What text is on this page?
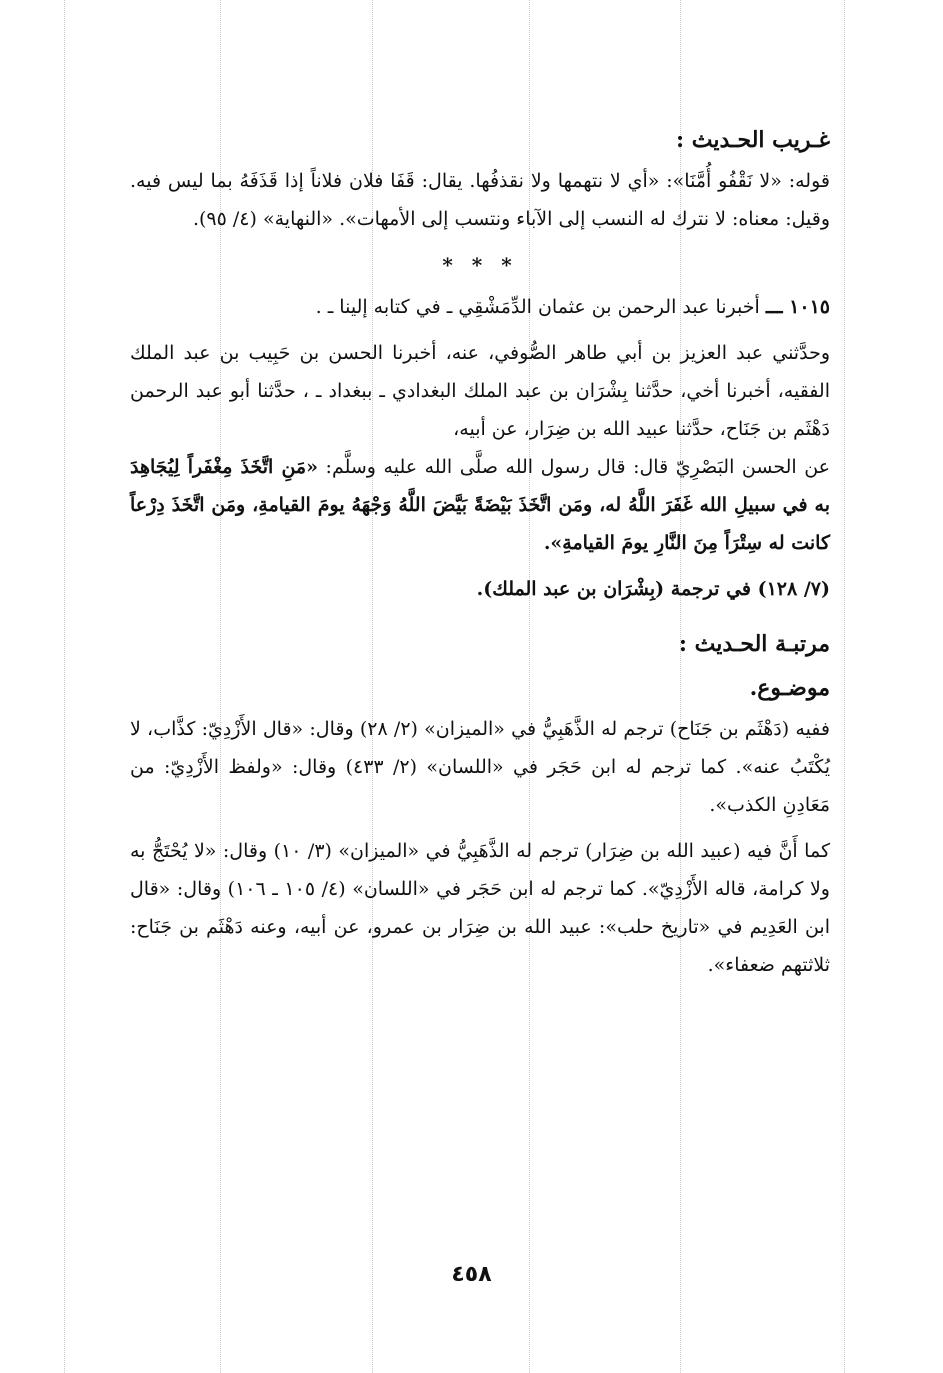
غـريب الحـديث :

قوله: «لا نَقْفُو أُمَّنَا»: «أي لا نتهمها ولا نقذفُها. يقال: قَفَا فلان فلاناً إذا قَذَفَهُ بما ليس فيه. وقيل: معناه: لا نترك له النسب إلى الآباء ونتسب إلى الأمهات». «النهاية» (٤/ ٩٥).

* * *

١٠١٥ ـــ أخبرنا عبد الرحمن بن عثمان الدِّمَشْقِي ـ في كتابه إلينا ـ .

وحدَّثني عبد العزيز بن أبي طاهر الصُّوفي، عنه، أخبرنا الحسن بن حَبِيب بن عبد الملك الفقيه، أخبرنا أخي، حدَّثنا بِشْرَان بن عبد الملك البغدادي ـ ببغداد ـ ، حدَّثنا أبو عبد الرحمن دَهْثَم بن جَنَاح، حدَّثنا عبيد الله بن ضِرَار، عن أبيه،

عن الحسن البَصْرِيّ قال: قال رسول الله صلَّى الله عليه وسلَّم: «مَنِ اتَّخَذَ مِغْفَراً لِيُجَاهِدَ به في سبيلِ الله غَفَرَ اللَّهُ له، ومَن اتَّخَذَ بَيْضَةً بَيَّضَ اللَّهُ وَجْهَهُ يومَ القيامةِ، ومَن اتَّخَذَ دِرْعاً كانت له سِتْرَاً مِنَ النَّارِ يومَ القيامةِ».

(٧/ ١٢٨) في ترجمة (بِشْرَان بن عبد الملك).

مرتبـة الحـديث :

موضـوع.

ففيه (دَهْثَم بن جَنَاح) ترجم له الذَّهَبِيُّ في «الميزان» (٢/ ٢٨) وقال: «قال الأَزْدِيّ: كذَّاب، لا يُكْتَبُ عنه». كما ترجم له ابن حَجَر في «اللسان» (٢/ ٤٣٣) وقال: «ولفظ الأَزْدِيّ: من مَعَادِنِ الكذب».

كما أَنَّ فيه (عبيد الله بن ضِرَار) ترجم له الذَّهَبِيُّ في «الميزان» (٣/ ١٠) وقال: «لا يُحْتَجُّ به ولا كرامة، قاله الأَزْدِيّ». كما ترجم له ابن حَجَر في «اللسان» (٤/ ١٠٥ ـ ١٠٦) وقال: «قال ابن العَدِيم في «تاريخ حلب»: عبيد الله بن ضِرَار بن عمرو، عن أبيه، وعنه دَهْثَم بن جَنَاح: ثلاثتهم ضعفاء».

٤٥٨
